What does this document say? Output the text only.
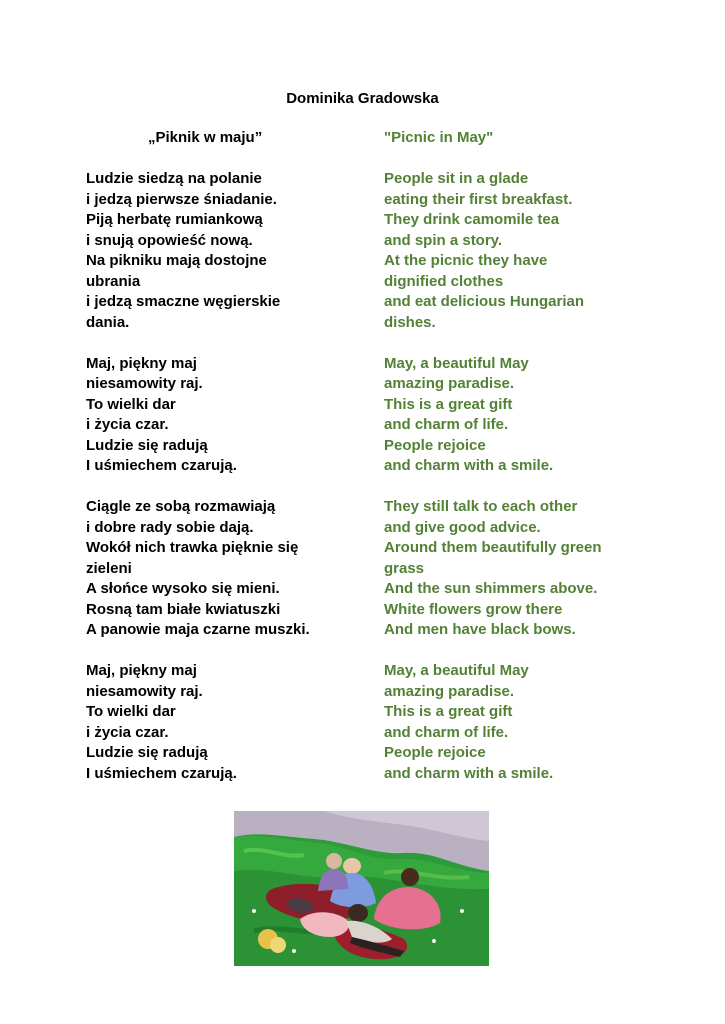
Dominika Gradowska
„Piknik w maju”
Ludzie siedzą na polanie
i jedzą pierwsze śniadanie.
Piją herbatę rumiankową
i snują opowieść nową.
Na pikniku mają dostojne
ubrania
i jedzą smaczne węgierskie
dania.
Maj, piękny maj
niesamowity raj.
To wielki dar
i życia czar.
Ludzie się radują
I uśmiechem czarują.
Ciągle ze sobą rozmawiają
i dobre rady sobie dają.
Wokół nich trawka pięknie się
zieleni
A słońce wysoko się mieni.
Rosną tam białe kwiatuszki
A panowie maja czarne muszki.
Maj, piękny maj
niesamowity raj.
To wielki dar
i życia czar.
Ludzie się radują
I uśmiechem czarują.
"Picnic in May"
People sit in a glade
eating their first breakfast.
They drink camomile tea
and spin a story.
At the picnic they have
dignified clothes
and eat delicious Hungarian
dishes.
May, a beautiful May
amazing paradise.
This is a great gift
and charm of life.
People rejoice
and charm with a smile.
They still talk to each other
and give good advice.
Around them beautifully green
grass
And the sun shimmers above.
White flowers grow there
And men have black bows.
May, a beautiful May
amazing paradise.
This is a great gift
and charm of life.
People rejoice
and charm with a smile.
